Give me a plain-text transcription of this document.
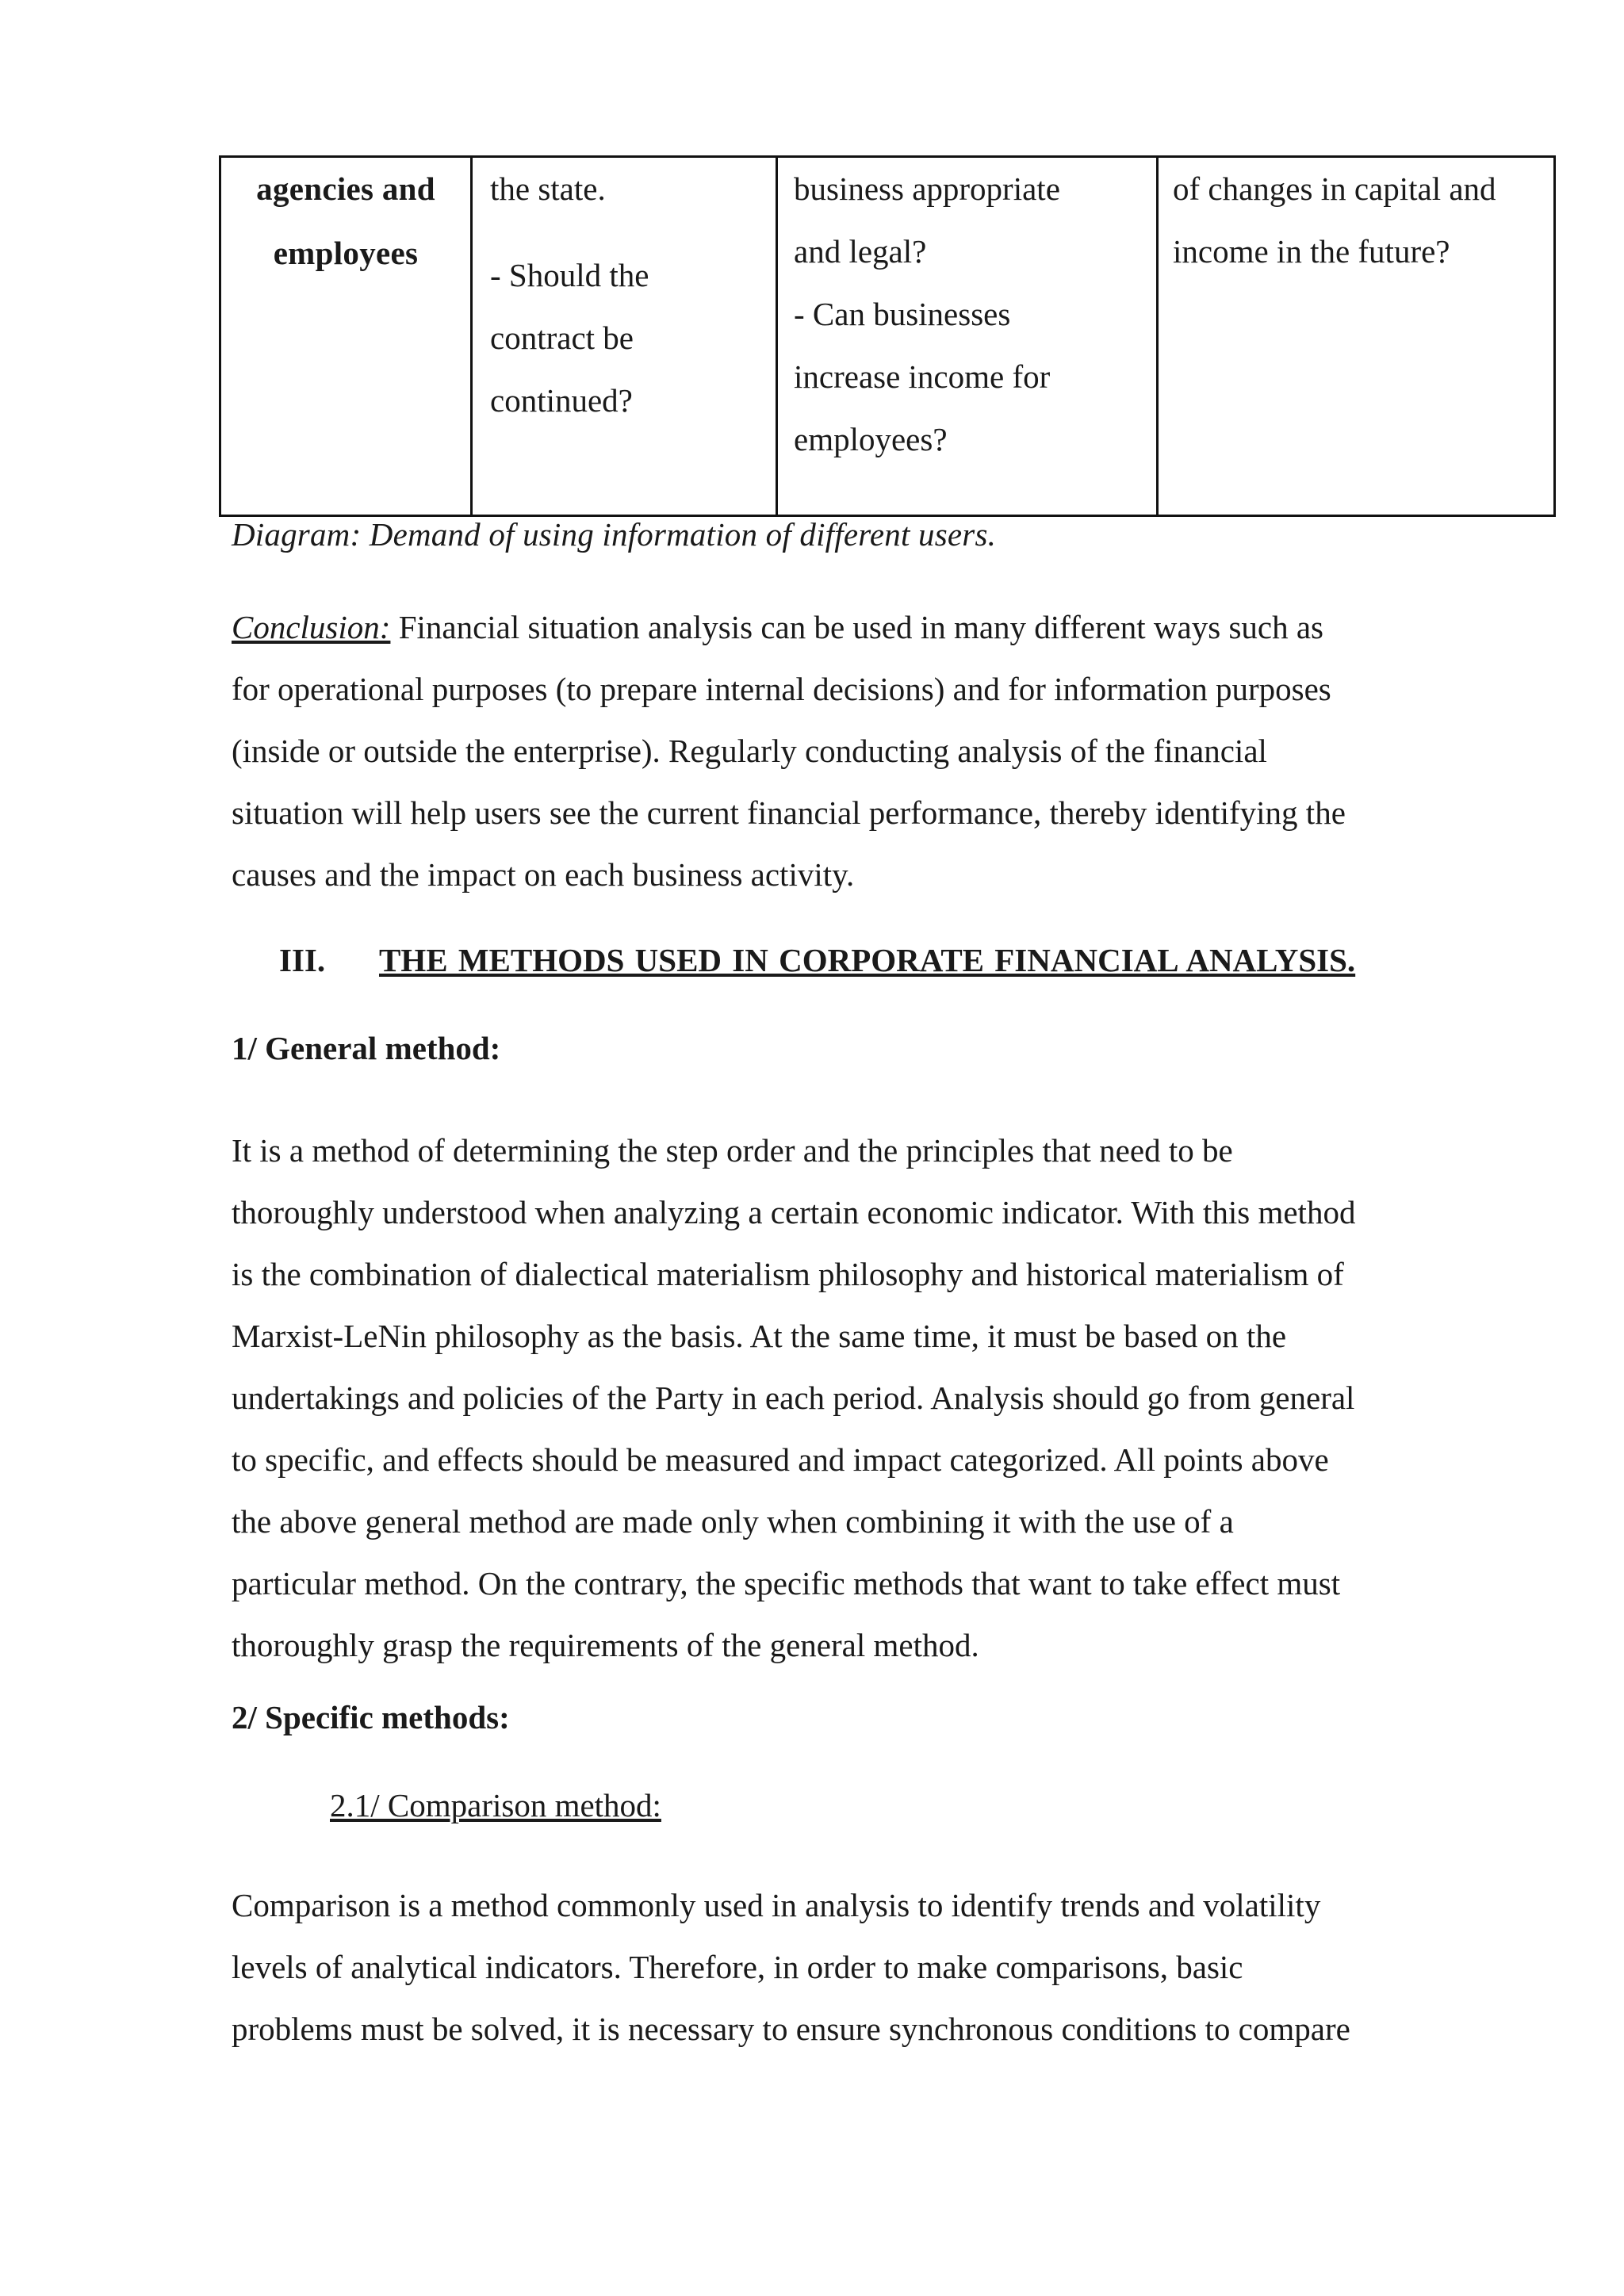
agencies and
employees
the state.
- Should the
contract be
continued?
business appropriate
and legal?
- Can businesses
increase income for
employees?
of changes in capital and
income in the future?
Diagram: Demand of using information of different users.
Conclusion: Financial situation analysis can be used in many different ways such as
for operational purposes (to prepare internal decisions) and for information purposes
(inside or outside the enterprise). Regularly conducting analysis of the financial
situation will help users see the current financial performance, thereby identifying the
causes and the impact on each business activity.
III. THE METHODS USED IN CORPORATE FINANCIAL ANALYSIS.
1/ General method:
It is a method of determining the step order and the principles that need to be
thoroughly understood when analyzing a certain economic indicator. With this method
is the combination of dialectical materialism philosophy and historical materialism of
Marxist-LeNin philosophy as the basis. At the same time, it must be based on the
undertakings and policies of the Party in each period. Analysis should go from general
to specific, and effects should be measured and impact categorized. All points above
the above general method are made only when combining it with the use of a
particular method. On the contrary, the specific methods that want to take effect must
thoroughly grasp the requirements of the general method.
2/ Specific methods:
2.1/ Comparison method:
Comparison is a method commonly used in analysis to identify trends and volatility
levels of analytical indicators. Therefore, in order to make comparisons, basic
problems must be solved, it is necessary to ensure synchronous conditions to compare
